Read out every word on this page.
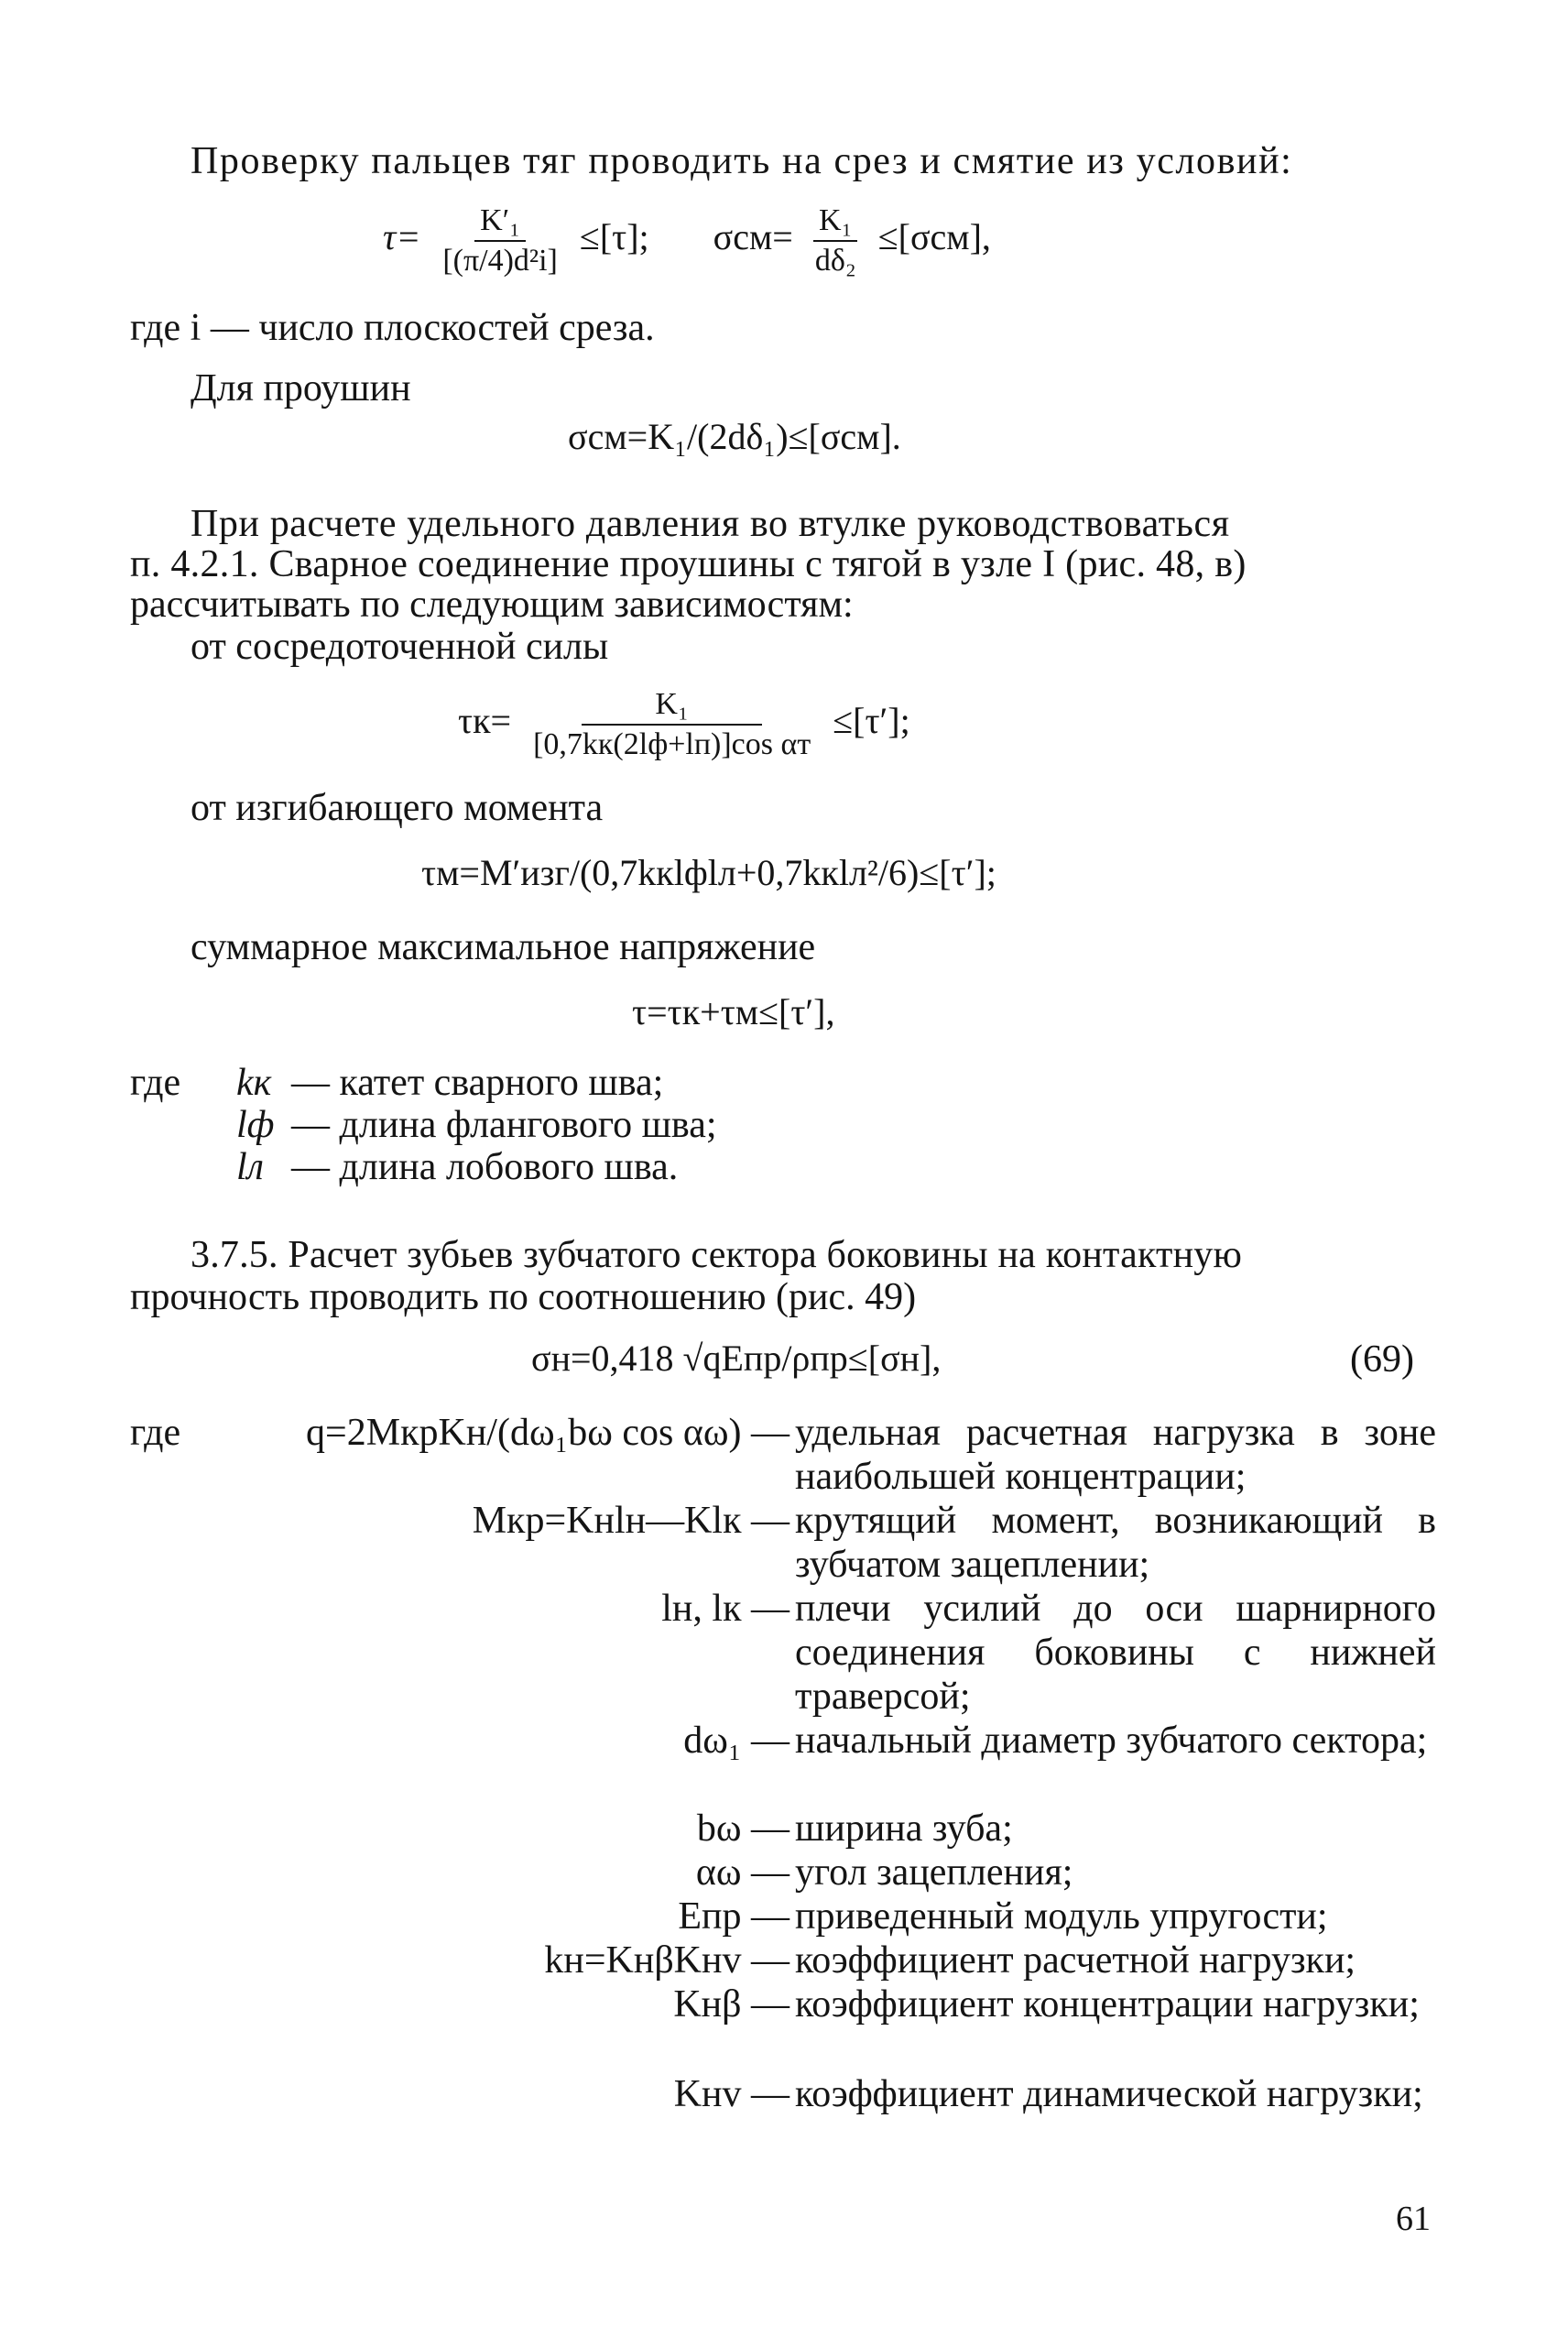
Проверку пальцев тяг проводить на срез и смятие из условий:
$\tau= \frac{\text{K′₁}}{\text{[(π/4)d²i]}} \le[\tau]$; $\sigma см= \frac{\text{K₁}}{\text{dδ₂}} \le[\sigma см]$,
где i — число плоскостей среза.
Для проушин
σсм=K₁/(2dδ₁)≤[σсм].
При расчете удельного давления во втулке руководствоваться
п. 4.2.1. Сварное соединение проушины с тягой в узле I (рис. 48, в)
рассчитывать по следующим зависимостям:
от сосредоточенной силы
$\tau к= \frac{\text{K₁}}{\text{[0,7kк(2lф+lп)]cos αт}} \le[\tau']$;
от изгибающего момента
τм=M′изг/(0,7kкlфlл+0,7kкlл²/6)≤[τ′];
суммарное максимальное напряжение
τ=τк+τм≤[τ′],
где kк — катет сварного шва;
lф — длина флангового шва;
lл — длина лобового шва.
3.7.5. Расчет зубьев зубчатого сектора боковины на контактную
прочность проводить по соотношению (рис. 49)
σн=0,418 √qEпр/ρпр≤[σн],	(69)
где	q=2MкрKн/(dω₁bω cos αω) — удельная расчетная нагрузка в зоне наибольшей концентрации;
Mкр=Kнlн—Klк — крутящий момент, возникающий в зубчатом зацеплении;
lн, lк — плечи усилий до оси шарнирного соединения боковины с нижней траверсой;
dω₁ — начальный диаметр зубчатого сектора;
bω — ширина зуба;
αω — угол зацепления;
Eпр — приведенный модуль упругости;
kн=KнβKнv — коэффициент расчетной нагрузки;
Kнβ — коэффициент концентрации нагрузки;
Kнv — коэффициент динамической нагрузки;
61
